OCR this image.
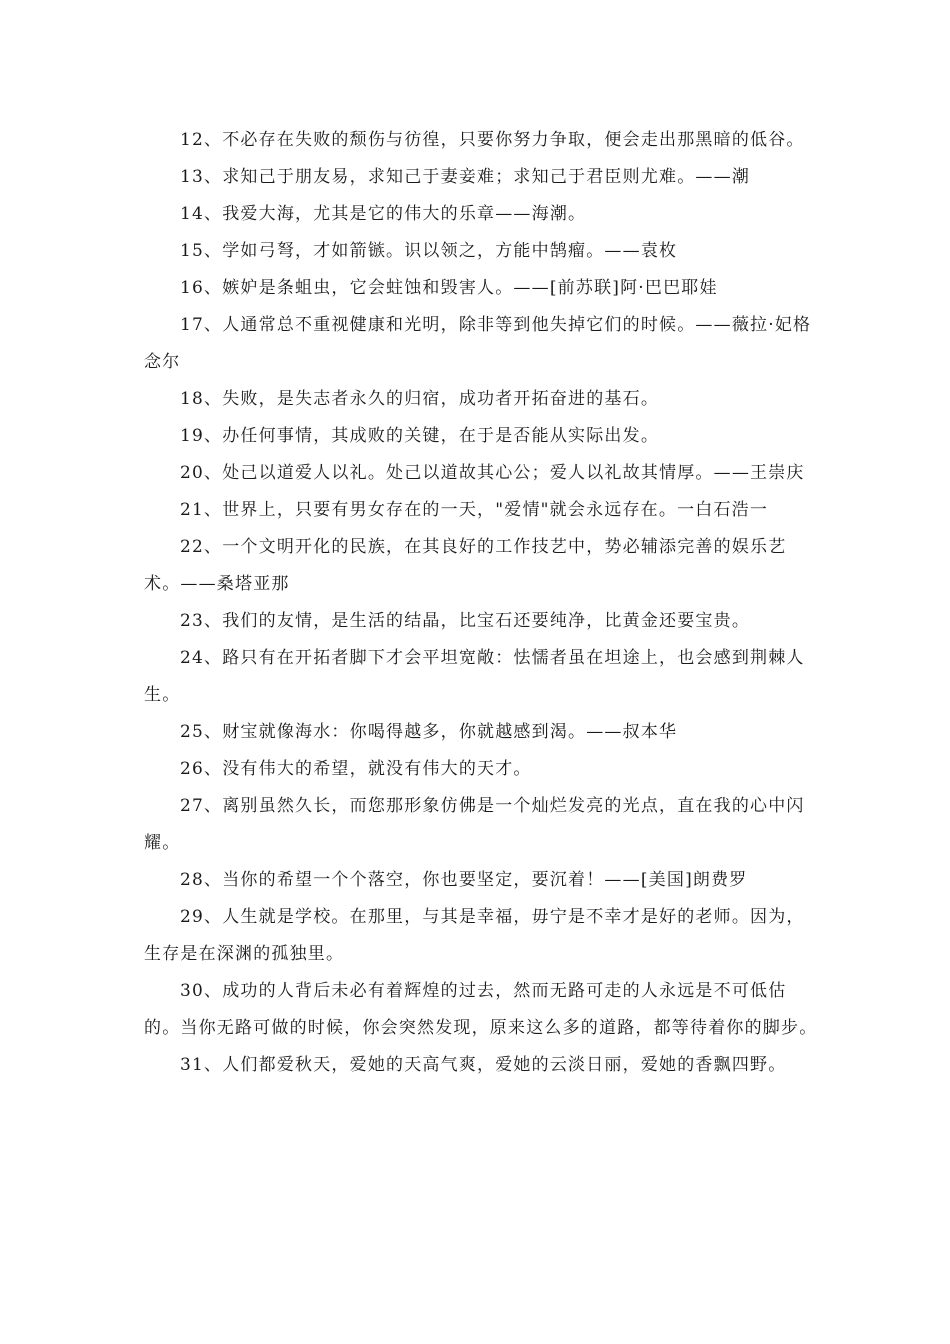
12、不必存在失败的颓伤与彷徨，只要你努力争取，便会走出那黑暗的低谷。

13、求知己于朋友易，求知己于妻妾难；求知己于君臣则尤难。——潮

14、我爱大海，尤其是它的伟大的乐章——海潮。

15、学如弓弩，才如箭镞。识以领之，方能中鹄瘤。——袁枚

16、嫉妒是条蛆虫，它会蛀蚀和毁害人。——[前苏联]阿·巴巴耶娃

17、人通常总不重视健康和光明，除非等到他失掉它们的时候。——薇拉·妃格念尔

18、失败，是失志者永久的归宿，成功者开拓奋进的基石。

19、办任何事情，其成败的关键，在于是否能从实际出发。

20、处己以道爱人以礼。处己以道故其心公；爱人以礼故其情厚。——王崇庆

21、世界上，只要有男女存在的一天，"爱情"就会永远存在。一白石浩一

22、一个文明开化的民族，在其良好的工作技艺中，势必辅添完善的娱乐艺术。——桑塔亚那

23、我们的友情，是生活的结晶，比宝石还要纯净，比黄金还要宝贵。

24、路只有在开拓者脚下才会平坦宽敞：怯懦者虽在坦途上，也会感到荆棘人生。

25、财宝就像海水：你喝得越多，你就越感到渴。——叔本华

26、没有伟大的希望，就没有伟大的天才。

27、离别虽然久长，而您那形象仿佛是一个灿烂发亮的光点，直在我的心中闪耀。

28、当你的希望一个个落空，你也要坚定，要沉着！——[美国]朗费罗

29、人生就是学校。在那里，与其是幸福，毋宁是不幸才是好的老师。因为，生存是在深渊的孤独里。

30、成功的人背后未必有着辉煌的过去，然而无路可走的人永远是不可低估的。当你无路可做的时候，你会突然发现，原来这么多的道路，都等待着你的脚步。

31、人们都爱秋天，爱她的天高气爽，爱她的云淡日丽，爱她的香飘四野。
